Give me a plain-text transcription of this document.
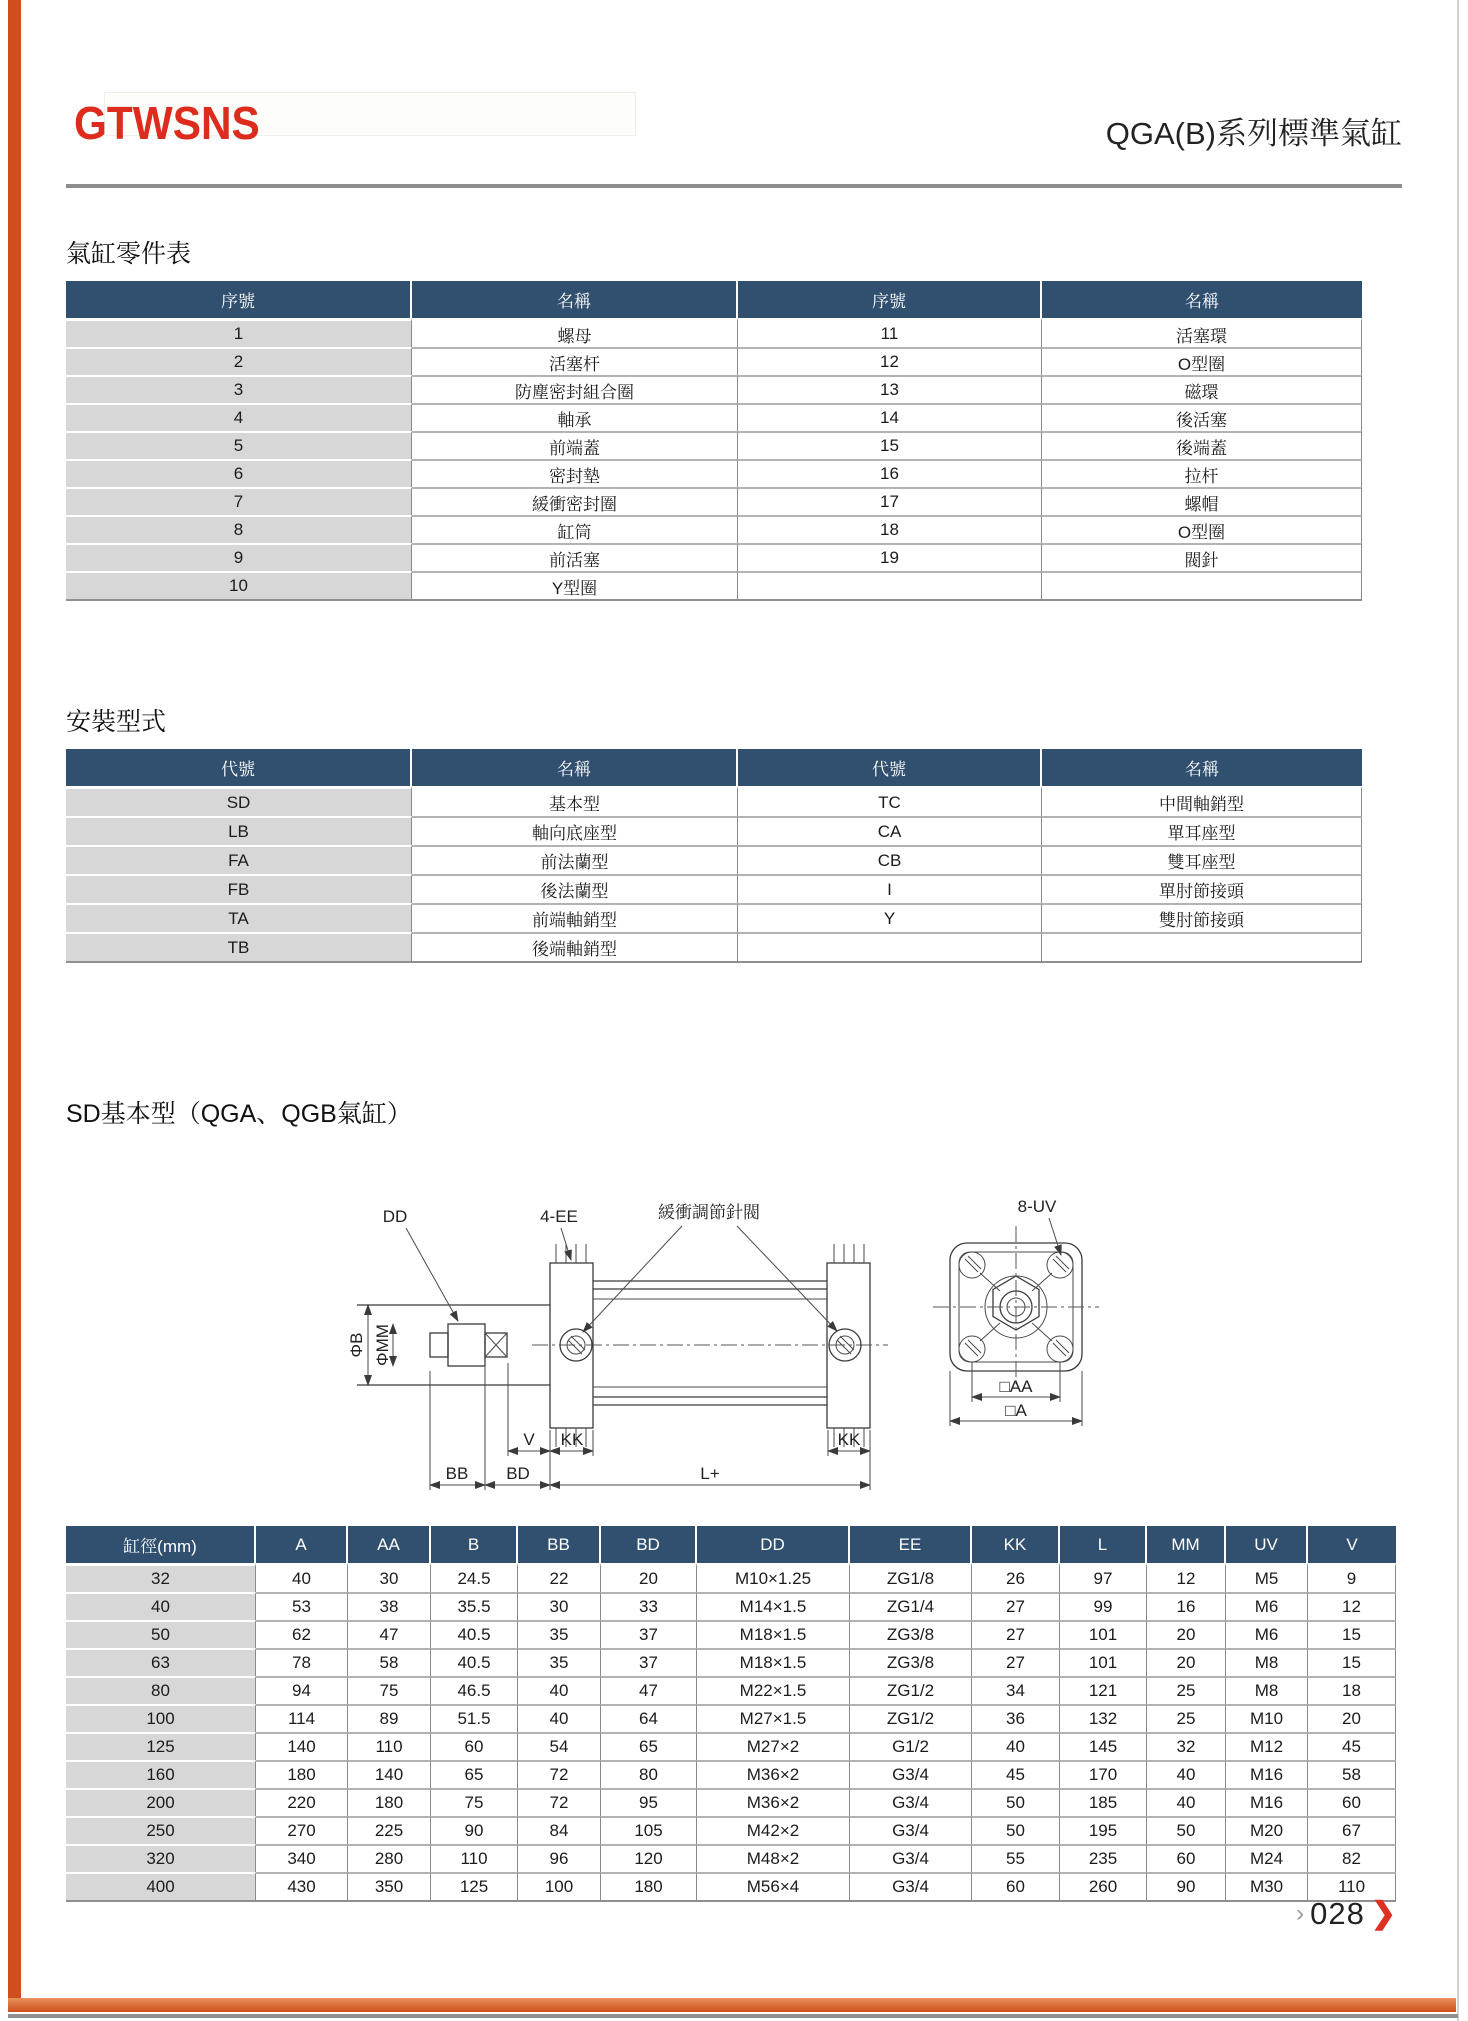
GTWSNS	QGA(B)系列標準氣缸
氣缸零件表
序號	名稱	序號	名稱
1	螺母	11	活塞環
2	活塞杆	12	O型圈
3	防塵密封組合圈	13	磁環
4	軸承	14	後活塞
5	前端蓋	15	後端蓋
6	密封墊	16	拉杆
7	緩衝密封圈	17	螺帽
8	缸筒	18	O型圈
9	前活塞	19	閥針
10	Y型圈		
安裝型式
代號	名稱	代號	名稱
SD	基本型	TC	中間軸銷型
LB	軸向底座型	CA	單耳座型
FA	前法蘭型	CB	雙耳座型
FB	後法蘭型	I	單肘節接頭
TA	前端軸銷型	Y	雙肘節接頭
TB	後端軸銷型		
SD基本型（QGA、QGB氣缸）
DD	4-EE	緩衝調節針閥
ΦB ΦMM
V KK	KK
BB BD	L+
8-UV
□AA
□A
缸徑(mm)	A	AA	B	BB	BD	DD	EE	KK	L	MM	UV	V
32	40	30	24.5	22	20	M10×1.25	ZG1/8	26	97	12	M5	9
40	53	38	35.5	30	33	M14×1.5	ZG1/4	27	99	16	M6	12
50	62	47	40.5	35	37	M18×1.5	ZG3/8	27	101	20	M6	15
63	78	58	40.5	35	37	M18×1.5	ZG3/8	27	101	20	M8	15
80	94	75	46.5	40	47	M22×1.5	ZG1/2	34	121	25	M8	18
100	114	89	51.5	40	64	M27×1.5	ZG1/2	36	132	25	M10	20
125	140	110	60	54	65	M27×2	G1/2	40	145	32	M12	45
160	180	140	65	72	80	M36×2	G3/4	45	170	40	M16	58
200	220	180	75	72	95	M36×2	G3/4	50	185	40	M16	60
250	270	225	90	84	105	M42×2	G3/4	50	195	50	M20	67
320	340	280	110	96	120	M48×2	G3/4	55	235	60	M24	82
400	430	350	125	100	180	M56×4	G3/4	60	260	90	M30	110
› 028 ❯
